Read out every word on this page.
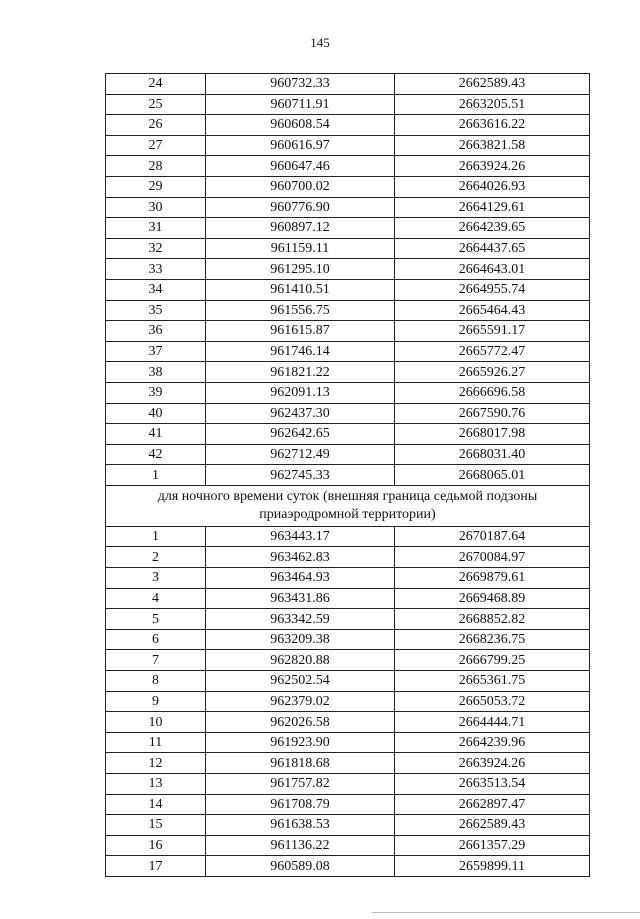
145
24	960732.33	2662589.43
25	960711.91	2663205.51
26	960608.54	2663616.22
27	960616.97	2663821.58
28	960647.46	2663924.26
29	960700.02	2664026.93
30	960776.90	2664129.61
31	960897.12	2664239.65
32	961159.11	2664437.65
33	961295.10	2664643.01
34	961410.51	2664955.74
35	961556.75	2665464.43
36	961615.87	2665591.17
37	961746.14	2665772.47
38	961821.22	2665926.27
39	962091.13	2666696.58
40	962437.30	2667590.76
41	962642.65	2668017.98
42	962712.49	2668031.40
1	962745.33	2668065.01
для ночного времени суток (внешняя граница седьмой подзоны приаэродромной территории)		
1	963443.17	2670187.64
2	963462.83	2670084.97
3	963464.93	2669879.61
4	963431.86	2669468.89
5	963342.59	2668852.82
6	963209.38	2668236.75
7	962820.88	2666799.25
8	962502.54	2665361.75
9	962379.02	2665053.72
10	962026.58	2664444.71
11	961923.90	2664239.96
12	961818.68	2663924.26
13	961757.82	2663513.54
14	961708.79	2662897.47
15	961638.53	2662589.43
16	961136.22	2661357.29
17	960589.08	2659899.11
